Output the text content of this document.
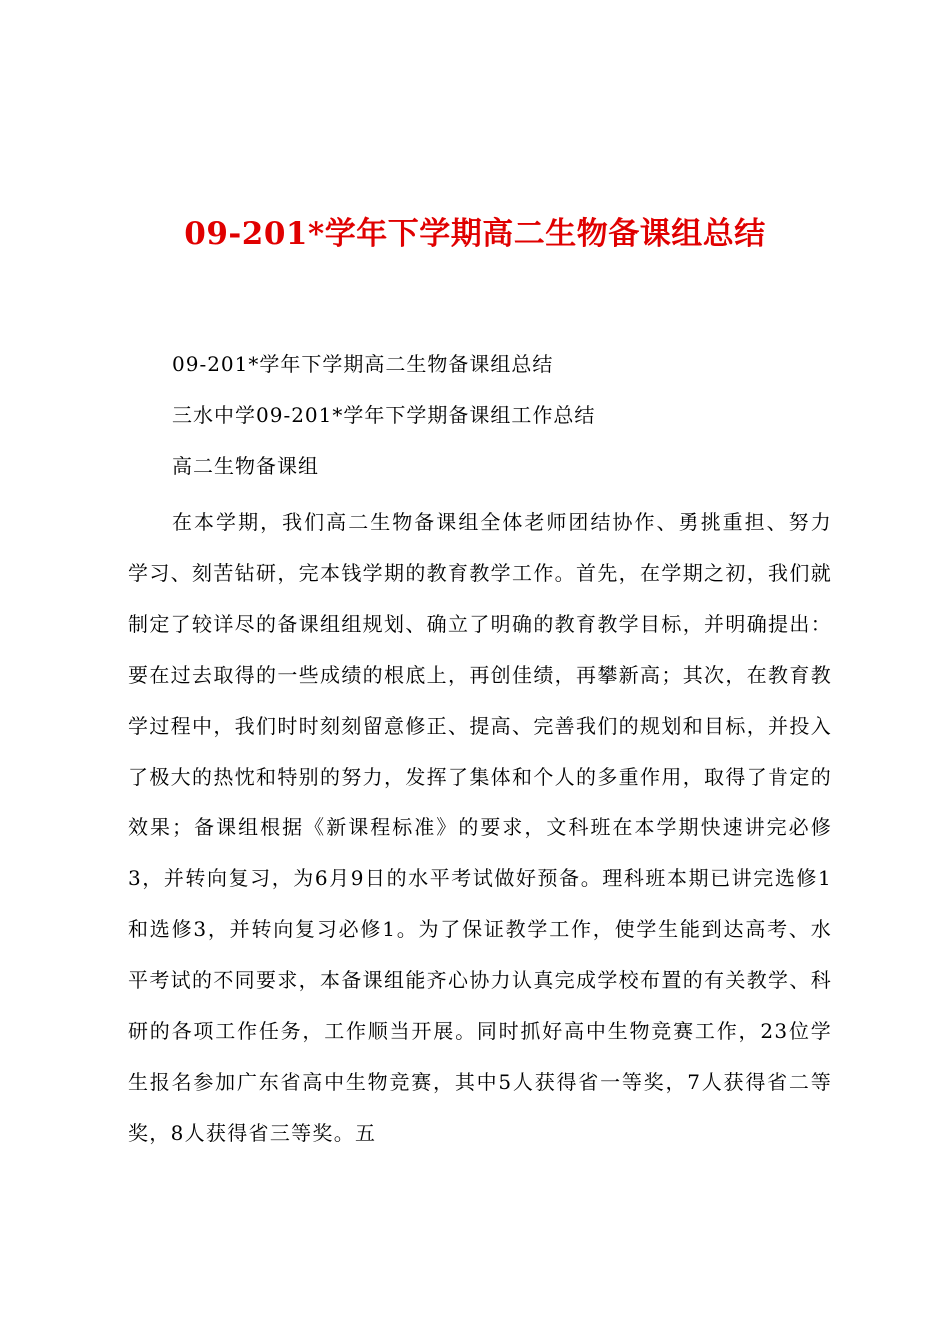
09-201*学年下学期高二生物备课组总结

09-201*学年下学期高二生物备课组总结

三水中学09-201*学年下学期备课组工作总结

高二生物备课组

在本学期，我们高二生物备课组全体老师团结协作、勇挑重担、努力学习、刻苦钻研，完本钱学期的教育教学工作。首先，在学期之初，我们就制定了较详尽的备课组组规划、确立了明确的教育教学目标，并明确提出：要在过去取得的一些成绩的根底上，再创佳绩，再攀新高；其次，在教育教学过程中，我们时时刻刻留意修正、提高、完善我们的规划和目标，并投入了极大的热忱和特别的努力，发挥了集体和个人的多重作用，取得了肯定的效果；备课组根据《新课程标准》的要求，文科班在本学期快速讲完必修3，并转向复习，为6月9日的水平考试做好预备。理科班本期已讲完选修1和选修3，并转向复习必修1。为了保证教学工作，使学生能到达高考、水平考试的不同要求，本备课组能齐心协力认真完成学校布置的有关教学、科研的各项工作任务，工作顺当开展。同时抓好高中生物竞赛工作，23位学生报名参加广东省高中生物竞赛，其中5人获得省一等奖，7人获得省二等奖，8人获得省三等奖。五
